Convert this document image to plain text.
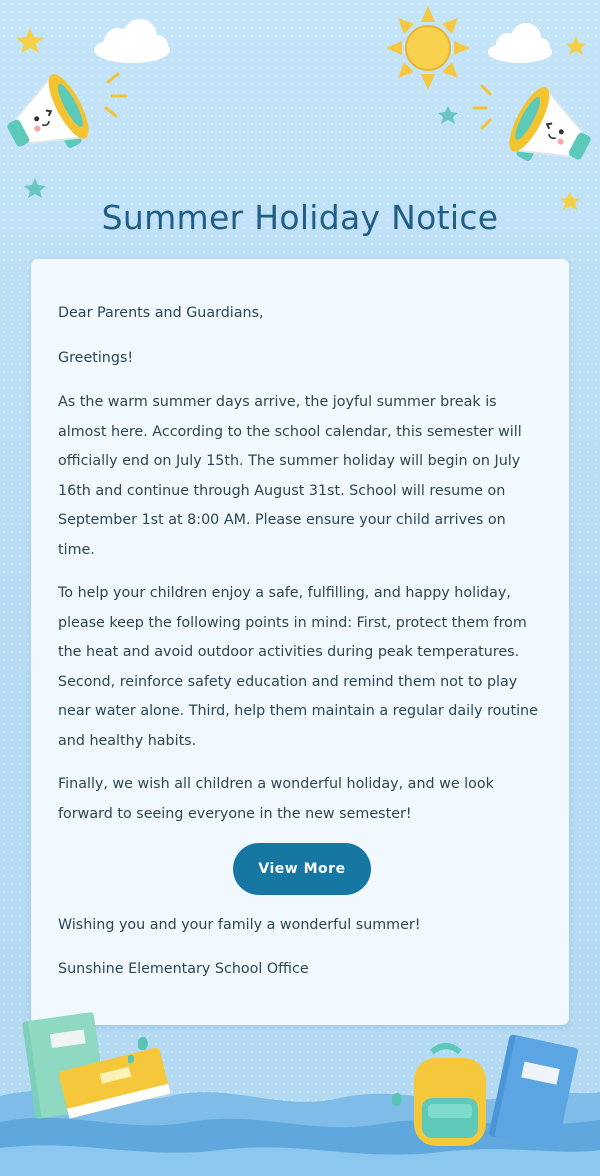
Summer Holiday Notice

Dear Parents and Guardians,

Greetings!

As the warm summer days arrive, the joyful summer break is almost here. According to the school calendar, this semester will officially end on July 15th. The summer holiday will begin on July 16th and continue through August 31st. School will resume on September 1st at 8:00 AM. Please ensure your child arrives on time.

To help your children enjoy a safe, fulfilling, and happy holiday, please keep the following points in mind: First, protect them from the heat and avoid outdoor activities during peak temperatures. Second, reinforce safety education and remind them not to play near water alone. Third, help them maintain a regular daily routine and healthy habits.

Finally, we wish all children a wonderful holiday, and we look forward to seeing everyone in the new semester!

View More

Wishing you and your family a wonderful summer!

Sunshine Elementary School Office
